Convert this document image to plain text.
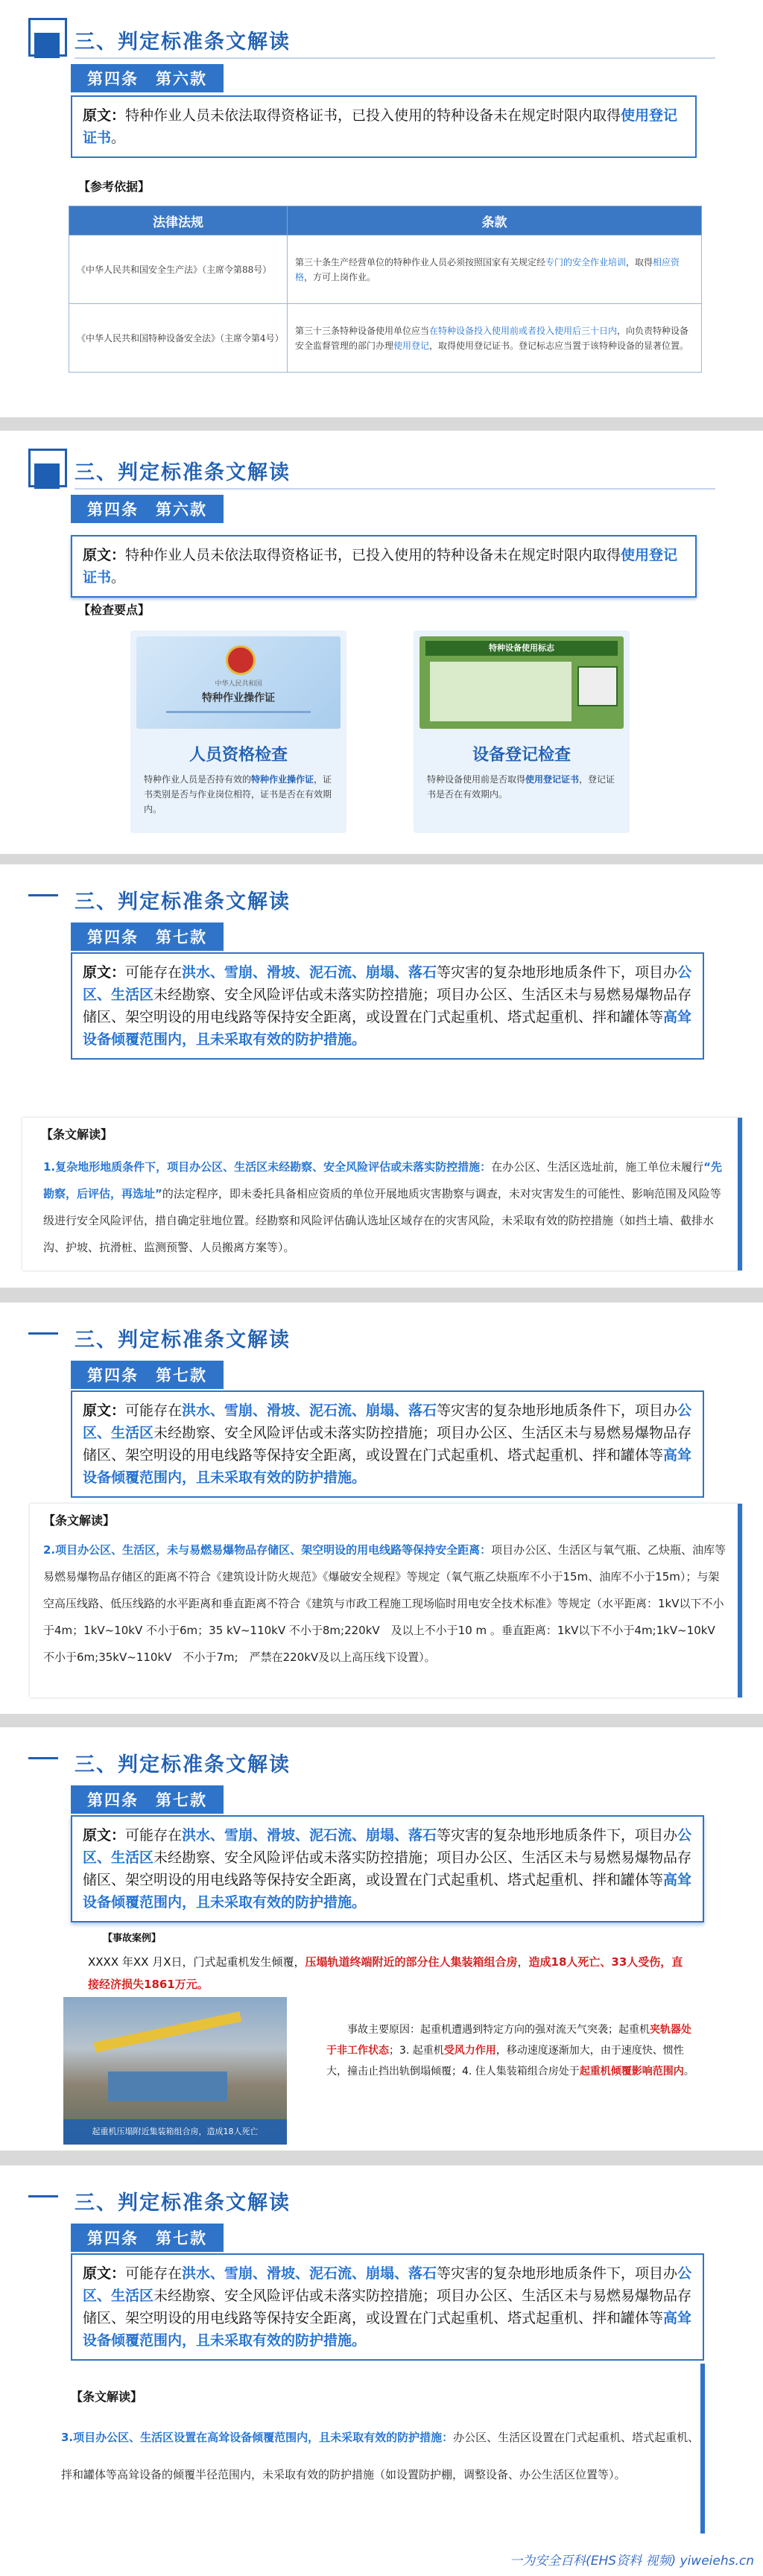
三、判定标准条文解读
第四条　第六款
原文：特种作业人员未依法取得资格证书，已投入使用的特种设备未在规定时限内取得使用登记证书。
【参考依据】
法律法规	条款
《中华人民共和国安全生产法》（主席令第88号）	第三十条生产经营单位的特种作业人员必须按照国家有关规定经专门的安全作业培训，取得相应资格，方可上岗作业。
《中华人民共和国特种设备安全法》（主席令第4号）	第三十三条特种设备使用单位应当在特种设备投入使用前或者投入使用后三十日内，向负责特种设备安全监督管理的部门办理使用登记，取得使用登记证书。登记标志应当置于该特种设备的显著位置。
三、判定标准条文解读
第四条　第六款
原文：特种作业人员未依法取得资格证书，已投入使用的特种设备未在规定时限内取得使用登记证书。
【检查要点】
中华人民共和国
特种作业操作证
人员资格检查
特种作业人员是否持有效的特种作业操作证，证书类别是否与作业岗位相符，证书是否在有效期内。
特种设备使用标志
设备登记检查
特种设备使用前是否取得使用登记证书，登记证书是否在有效期内。
三、判定标准条文解读
第四条　第七款
原文：可能存在洪水、雪崩、滑坡、泥石流、崩塌、落石等灾害的复杂地形地质条件下，项目办公区、生活区未经勘察、安全风险评估或未落实防控措施；项目办公区、生活区未与易燃易爆物品存储区、架空明设的用电线路等保持安全距离，或设置在门式起重机、塔式起重机、拌和罐体等高耸设备倾覆范围内，且未采取有效的防护措施。
【条文解读】
1.复杂地形地质条件下，项目办公区、生活区未经勘察、安全风险评估或未落实防控措施：在办公区、生活区选址前，施工单位未履行“先勘察，后评估，再选址”的法定程序，即未委托具备相应资质的单位开展地质灾害勘察与调查，未对灾害发生的可能性、影响范围及风险等级进行安全风险评估，措自确定驻地位置。经勘察和风险评估确认选址区域存在的灾害风险，未采取有效的防控措施（如挡土墙、截排水沟、护坡、抗滑桩、监测预警、人员搬离方案等）。
三、判定标准条文解读
第四条　第七款
原文：可能存在洪水、雪崩、滑坡、泥石流、崩塌、落石等灾害的复杂地形地质条件下，项目办公区、生活区未经勘察、安全风险评估或未落实防控措施；项目办公区、生活区未与易燃易爆物品存储区、架空明设的用电线路等保持安全距离，或设置在门式起重机、塔式起重机、拌和罐体等高耸设备倾覆范围内，且未采取有效的防护措施。
【条文解读】
2.项目办公区、生活区，未与易燃易爆物品存储区、架空明设的用电线路等保持安全距离：项目办公区、生活区与氧气瓶、乙炔瓶、油库等易燃易爆物品存储区的距离不符合《建筑设计防火规范》《爆破安全规程》等规定（氧气瓶乙炔瓶库不小于15m、油库不小于15m）；与架空高压线路、低压线路的水平距离和垂直距离不符合《建筑与市政工程施工现场临时用电安全技术标准》等规定（水平距离：1kV以下不小于4m；1kV~10kV 不小于6m；35 kV~110kV 不小于8m;220kV　及以上不小于10 m 。垂直距离：1kV以下不小于4m;1kV~10kV　不小于6m;35kV~110kV　不小于7m;　严禁在220kV及以上高压线下设置）。
三、判定标准条文解读
第四条　第七款
原文：可能存在洪水、雪崩、滑坡、泥石流、崩塌、落石等灾害的复杂地形地质条件下，项目办公区、生活区未经勘察、安全风险评估或未落实防控措施；项目办公区、生活区未与易燃易爆物品存储区、架空明设的用电线路等保持安全距离，或设置在门式起重机、塔式起重机、拌和罐体等高耸设备倾覆范围内，且未采取有效的防护措施。
【事故案例】
XXXX 年XX 月X日，门式起重机发生倾覆，压塌轨道终端附近的部分住人集装箱组合房，造成18人死亡、33人受伤，直接经济损失1861万元。
起重机压塌附近集装箱组合房，造成18人死亡
事故主要原因：起重机遭遇到特定方向的强对流天气突袭；起重机夹轨器处于非工作状态；3. 起重机受风力作用，移动速度逐渐加大，由于速度快、惯性大，撞击止挡出轨倒塌倾覆；4. 住人集装箱组合房处于起重机倾覆影响范围内。
三、判定标准条文解读
第四条　第七款
原文：可能存在洪水、雪崩、滑坡、泥石流、崩塌、落石等灾害的复杂地形地质条件下，项目办公区、生活区未经勘察、安全风险评估或未落实防控措施；项目办公区、生活区未与易燃易爆物品存储区、架空明设的用电线路等保持安全距离，或设置在门式起重机、塔式起重机、拌和罐体等高耸设备倾覆范围内，且未采取有效的防护措施。
【条文解读】
3.项目办公区、生活区设置在高耸设备倾覆范围内，且未采取有效的防护措施：办公区、生活区设置在门式起重机、塔式起重机、拌和罐体等高耸设备的倾覆半径范围内，未采取有效的防护措施（如设置防护棚，调整设备、办公生活区位置等）。
一为安全百科(EHS资料 视频) yiweiehs.cn
